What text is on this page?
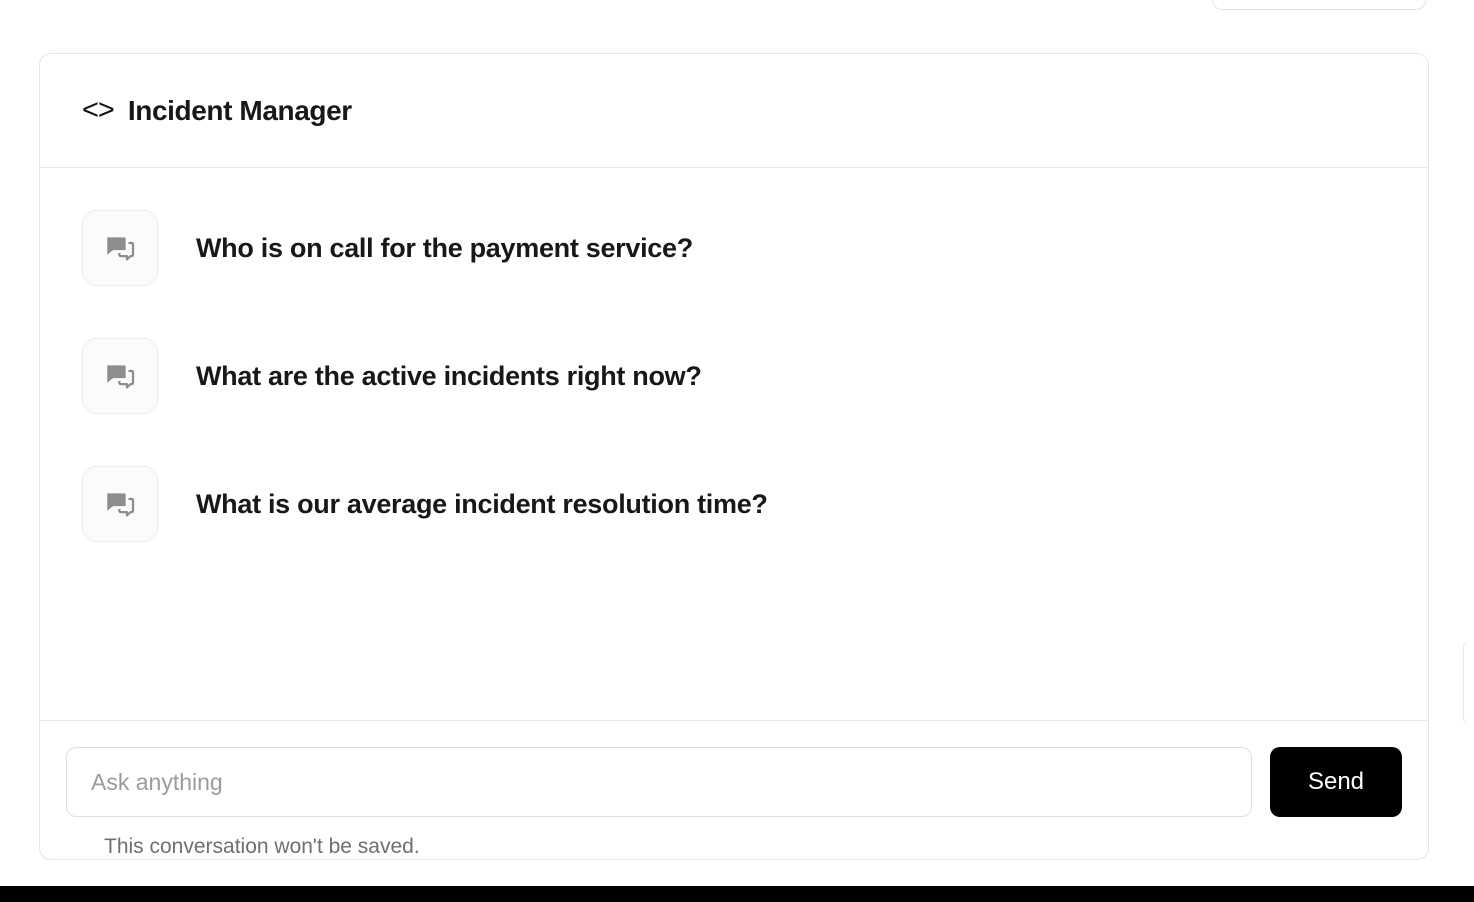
<> Incident Manager
Who is on call for the payment service?
What are the active incidents right now?
What is our average incident resolution time?
Ask anything
Send
This conversation won't be saved.
